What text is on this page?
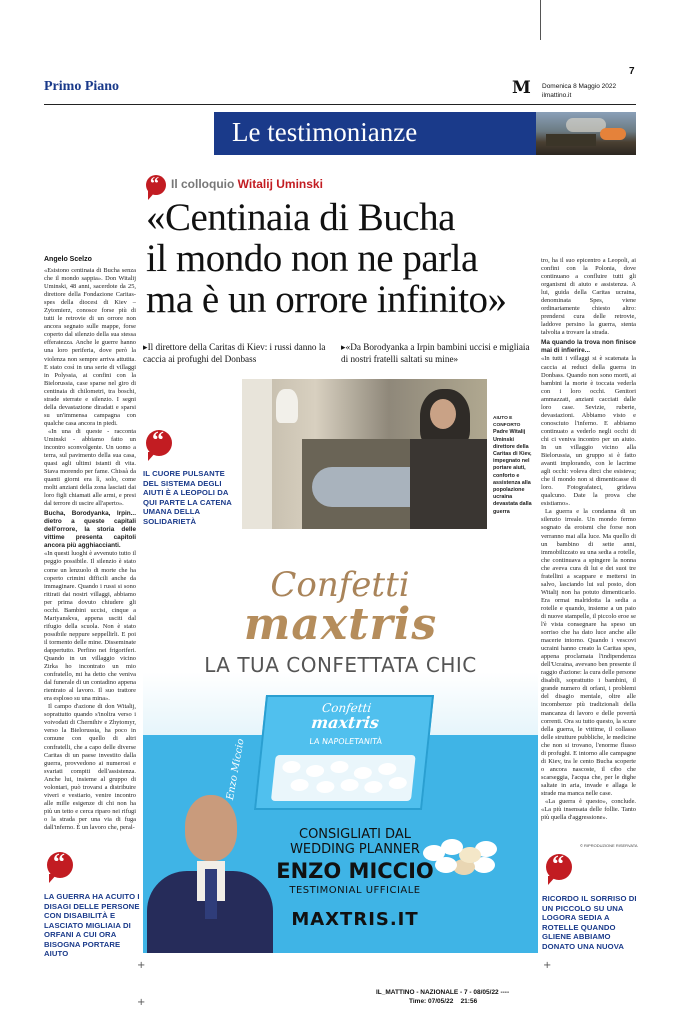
+	+
+
7
Primo Piano	M Domenica 8 Maggio 2022
ilmattino.it
Le testimonianze
“ Il colloquio Witalij Uminski
«Centinaia di Bucha
il mondo non ne parla
ma è un orrore infinito»
▸Il direttore della Caritas di Kiev: i russi danno la caccia ai profughi del Donbass
▸«Da Borodyanka a Irpin bambini uccisi e migliaia di nostri fratelli saltati su mine»
Angelo Scelzo

«Esistono centinaia di Bucha senza che il mondo sappia». Don Witalij Uminski, 48 anni, sacerdote da 25, direttore della Fondazione Caritas-spes della diocesi di Kiev – Zytomierz, conosce forse più di tutti le retrovie di un orrore non ancora segnato sulle mappe, forse coperto dal silenzio della sua stessa efferatezza. Anche le guerre hanno una loro periferia, dove però la violenza non sempre arriva attutita. E stato così in una serie di villaggi in Polyssia, ai confini con la Bielorussia, case sparse nel giro di centinaia di chilometri, tra boschi, strade sterrate e silenzio. I segni della devastazione diradati e sparsi su un'immensa campagna con qualche casa ancora in piedi.

«In una di queste - racconta Uminski - abbiamo fatto un incontro sconvolgente. Un uomo a terra, sul pavimento della sua casa, quasi agli ultimi istanti di vita. Stava morendo per fame. Chissà da quanti giorni era lì, solo, come molti anziani della zona lasciati dai loro figli chiamati alle armi, e presi dal terrore di uscire all'aperto».

Bucha, Borodyanka, Irpin... dietro a queste capitali dell'orrore, la storia delle vittime presenta capitoli ancora più agghiaccianti.

«In questi luoghi è avvenuto tutto il peggio possibile. Il silenzio è stato come un lenzuolo di morte che ha coperto crimini difficili anche da immaginare. Quando i russi si sono ritirati dai nostri villaggi, abbiamo per prima dovuto chiudere gli occhi. Bambini uccisi, cinque a Mariyanskva, appena usciti dal rifugio della scuola. Non è stato possibile neppure seppellirli. E poi il tormento delle mine. Disseminate dappertutto. Perfino nei frigoriferi. Quando in un villaggio vicino Zirka ho incontrato un mio confratello, mi ha detto che veniva dal funerale di un contadino appena rientrato al lavoro. Il suo trattore era esploso su una mina».

Il campo d'azione di don Witalij, soprattutto quando s'inoltra verso i voivodati di Chernihiv e Zhytomyr, verso la Bielorussia, ha poco in comune con quello di altri confratelli, che a capo delle diverse Caritas di un paese investito dalla guerra, provvedono ai numerosi e svariati compiti dell'assistenza. Anche lui, insieme al gruppo di volontari, può trovarsi a distribuire viveri e vestiario, venire incontro alle mille esigenze di chi non ha più un tetto e cerca riparo nei rifugi o la strada per una via di fuga dall'inferno. È un lavoro che, peral-

tro, ha il suo epicentro a Leopoli, ai confini con la Polonia, dove continuano a confluire tutti gli organismi di aiuto e assistenza. A lui, guida della Caritas ucraina, denominata Spes, viene ordinariamente chiesto altro: prendersi cura delle retrovie, laddove persino la guerra, stenta talvolta a trovare la strada.

Ma quando la trova non finisce mai di infierire...

«In tutti i villaggi si è scatenata la caccia ai reduci della guerra in Donbass. Quando non sono morti, ai bambini la morte è toccata vederla con i loro occhi. Genitori ammazzati, anziani cacciati dalle loro case. Sevizie, ruberie, devastazioni. Abbiamo visto e conosciuto l'inferno. E abbiamo continuato a vederlo negli occhi di chi ci veniva incontro per un aiuto. In un villaggio vicino alla Bielorussia, un gruppo si è fatto avanti implorando, con le lacrime agli occhi: voleva dirci che esisteva; che il mondo non si dimenticasse di loro. Fotografateci, gridava qualcuno. Date la prova che esistiamo».

La guerra e la condanna di un silenzio irreale. Un mondo fermo sognato da eroismi che forse non verranno mai alla luce. Ma quello di un bambino di sette anni, immobilizzato su una sedia a rotelle, che continuava a spingere la nonna che aveva cura di lui e dei suoi tre fratellini a scappare e mettersi in salvo, lasciando lui sul posto, don Witalij non ha potuto dimenticarlo. Era ormai malridotta la sedia a rotelle e quando, insieme a un paio di nuove stampelle, il piccolo eroe se l'è vista consegnare ha speso un sorriso che ha dato luce anche alle macerie intorno. Quando i vescovi ucraini hanno creato la Caritas spes, appena proclamata l'indipendenza dell'Ucraina, avevano ben presente il raggio d'azione: la cura delle persone disabili, soprattutto i bambini, il grande numero di orfani, i problemi del disagio mentale, oltre alle incombenze più tradizionali della mancanza di lavoro e delle povertà correnti. Ora su tutto questo, la scure della guerra, le vittime, il collasso delle strutture pubbliche, le medicine che non si trovano, l'enorme flusso di profughi. E intorno alle campagne di Kiev, tra le cento Bucha scoperte o ancora nascoste, il cibo che scarseggia, l'acqua che, per le dighe saltate in aria, invade e allaga le strade ma manca nelle case.

«La guerra è questo», conclude. «La più insensata delle follie. Tanto più quella d'aggressione».

© RIPRODUZIONE RISERVATA
“
IL CUORE PULSANTE DEL SISTEMA DEGLI AIUTI È A LEOPOLI DA QUI PARTE LA CATENA UMANA DELLA SOLIDARIETÀ
AIUTO E CONFORTO
Padre Witalij Uminski direttore della Caritas di Kiev, impegnato nel portare aiuti, conforto e assistenza alla popolazione ucraina devastata dalla guerra
Confetti
maxtris
LA TUA CONFETTATA CHIC
Confetti
maxtris
LA NAPOLETANITÀ
Enzo Miccio
CONSIGLIATI DAL
WEDDING PLANNER
ENZO MICCIO
TESTIMONIAL UFFICIALE
MAXTRIS.IT
“
LA GUERRA HA ACUITO I DISAGI DELLE PERSONE CON DISABILITÀ E LASCIATO MIGLIAIA DI ORFANI A CUI ORA BISOGNA PORTARE AIUTO
“
RICORDO IL SORRISO DI UN PICCOLO SU UNA LOGORA SEDIA A ROTELLE QUANDO GLIENE ABBIAMO DONATO UNA NUOVA
IL_MATTINO - NAZIONALE - 7 - 08/05/22 ----
Time: 07/05/22 21:56
